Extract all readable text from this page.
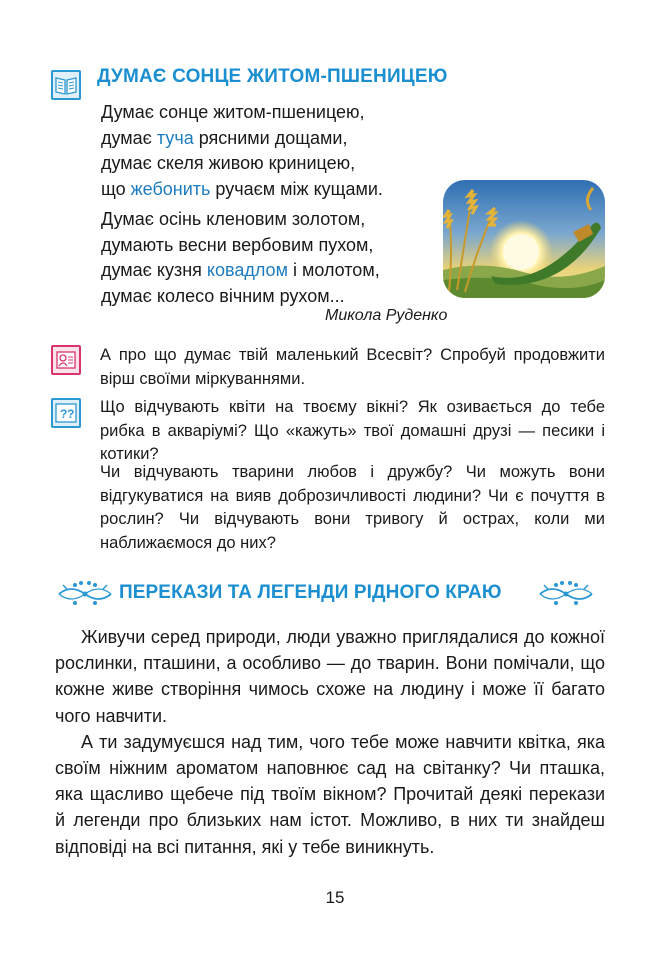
ДУМАЄ СОНЦЕ ЖИТОМ-ПШЕНИЦЕЮ
Думає сонце житом-пшеницею,
думає туча рясними дощами,
думає скеля живою криницею,
що жебонить ручаєм між кущами.
Думає осінь кленовим золотом,
думають весни вербовим пухом,
думає кузня ковадлом і молотом,
думає колесо вічним рухом...
Микола Руденко
А про що думає твій маленький Всесвіт? Спробуй продовжити вірш своїми міркуваннями.
? ? Що відчувають квіти на твоєму вікні? Як озивається до тебе рибка в акваріумі? Що «кажуть» твої домашні друзі — песики і котики?
Чи відчувають тварини любов і дружбу? Чи можуть вони відгукуватися на вияв доброзичливості людини? Чи є почуття в рослин? Чи відчувають вони тривогу й острах, коли ми наближаємося до них?
ПЕРЕКАЗИ ТА ЛЕГЕНДИ РІДНОГО КРАЮ

Живучи серед природи, люди уважно приглядалися до кожної рослинки, пташини, а особливо — до тварин. Вони помічали, що кожне живе створіння чимось схоже на людину і може її багато чого навчити.

А ти задумуєшся над тим, чого тебе може навчити квітка, яка своїм ніжним ароматом наповнює сад на світанку? Чи пташка, яка щасливо щебече під твоїм вікном? Прочитай деякі перекази й легенди про близьких нам істот. Можливо, в них ти знайдеш відповіді на всі питання, які у тебе виникнуть.

15
